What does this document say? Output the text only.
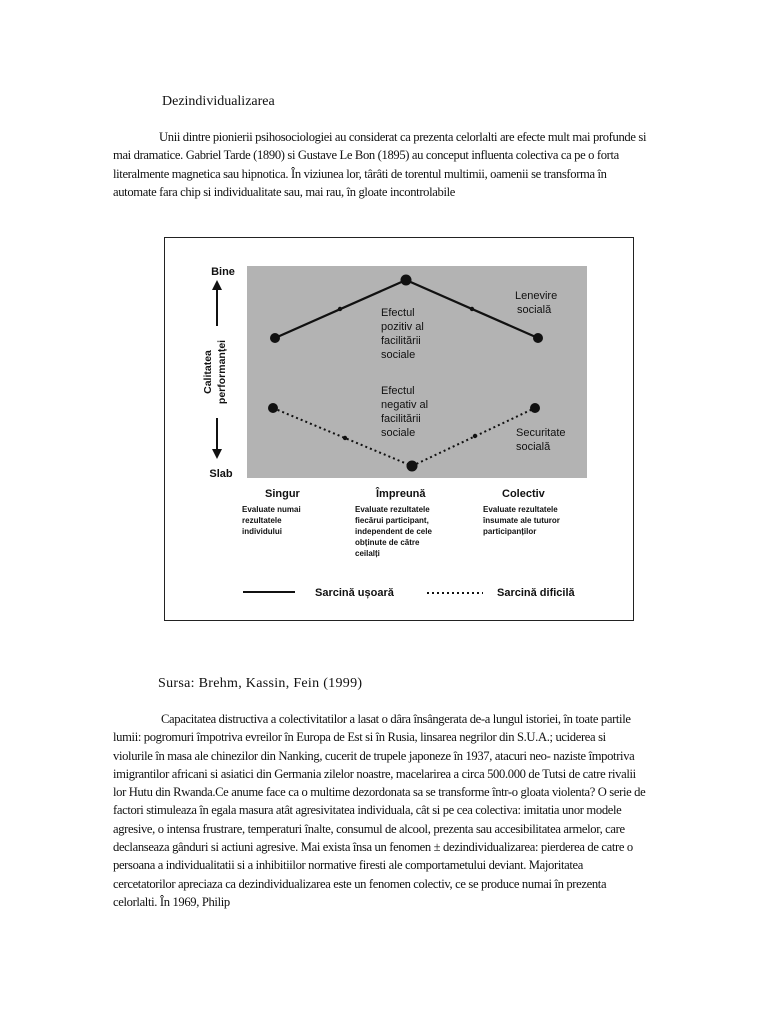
Dezindividualizarea
Unii dintre pionierii psihosociologiei au considerat ca prezenta celorlalti are efecte mult mai profunde si mai dramatice. Gabriel Tarde (1890) si Gustave Le Bon (1895) au conceput influenta colectiva ca pe o forta literalmente magnetica sau hipnotica. În viziunea lor, târâti de torentul multimii, oamenii se transforma în automate fara chip si individualitate sau, mai rau, în gloate incontrolabile
Bine
Slab
Calitatea performanței
Efectul
pozitiv al
facilitării
sociale
Efectul
negativ al
facilitării
sociale
Lenevire
socială
Securitate
socială
Singur	Împreună	Colectiv
Evaluate numai
rezultatele
individului
Evaluate rezultatele
fiecărui participant,
independent de cele
obținute de către
ceilalți
Evaluate rezultatele
însumate ale tuturor
participanților
Sarcină ușoară	Sarcină dificilă
Sursa: Brehm, Kassin, Fein (1999)
Capacitatea distructiva a colectivitatilor a lasat o dâra însângerata de-a lungul istoriei, în toate partile lumii: pogromuri împotriva evreilor în Europa de Est si în Rusia, linsarea negrilor din S.U.A.; uciderea si violurile în masa ale chinezilor din Nanking, cucerit de trupele japoneze în 1937, atacuri neo- naziste împotriva imigrantilor africani si asiatici din Germania zilelor noastre, macelarirea a circa 500.000 de Tutsi de catre rivalii lor Hutu din Rwanda.Ce anume face ca o multime dezordonata sa se transforme într-o gloata violenta? O serie de factori stimuleaza în egala masura atât agresivitatea individuala, cât si pe cea colectiva: imitatia unor modele agresive, o intensa frustrare, temperaturi înalte, consumul de alcool, prezenta sau accesibilitatea armelor, care declanseaza gânduri si actiuni agresive. Mai exista însa un fenomen ± dezindividualizarea: pierderea de catre o persoana a individualitatii si a inhibitiilor normative firesti ale comportametului deviant. Majoritatea cercetatorilor apreciaza ca dezindividualizarea este un fenomen colectiv, ce se produce numai în prezenta celorlalti. În 1969, Philip
